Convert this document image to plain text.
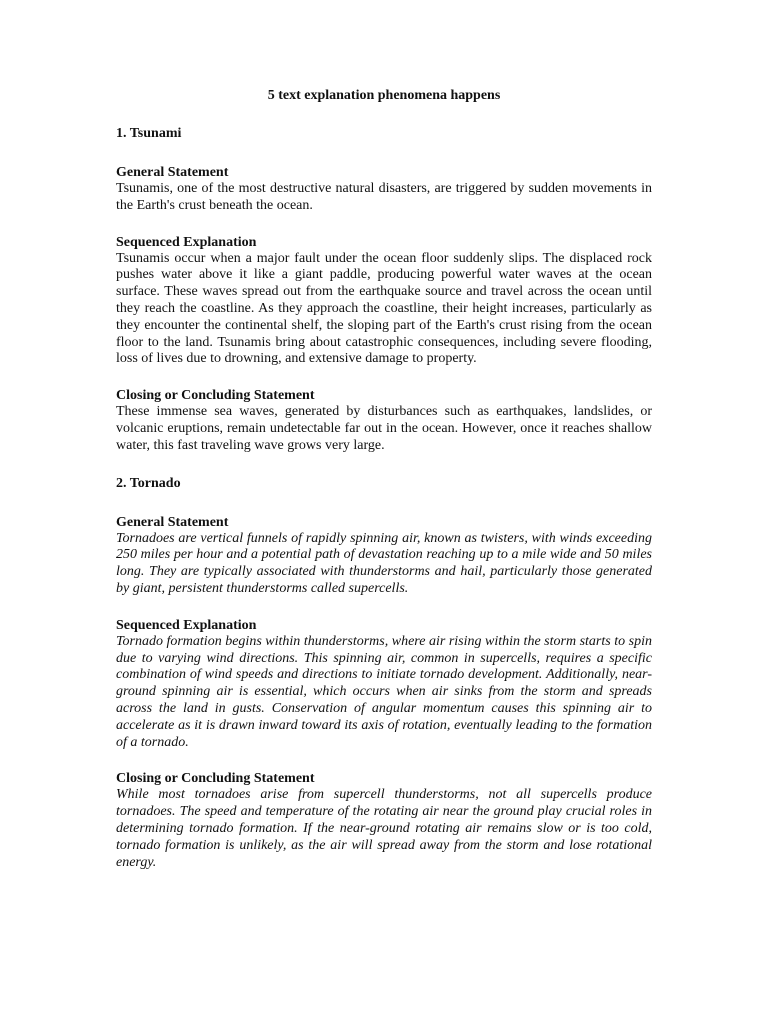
5 text explanation phenomena happens
1. Tsunami
General Statement

Tsunamis, one of the most destructive natural disasters, are triggered by sudden movements in the Earth's crust beneath the ocean.

Sequenced Explanation

Tsunamis occur when a major fault under the ocean floor suddenly slips. The displaced rock pushes water above it like a giant paddle, producing powerful water waves at the ocean surface. These waves spread out from the earthquake source and travel across the ocean until they reach the coastline. As they approach the coastline, their height increases, particularly as they encounter the continental shelf, the sloping part of the Earth's crust rising from the ocean floor to the land. Tsunamis bring about catastrophic consequences, including severe flooding, loss of lives due to drowning, and extensive damage to property.

Closing or Concluding Statement

These immense sea waves, generated by disturbances such as earthquakes, landslides, or volcanic eruptions, remain undetectable far out in the ocean. However, once it reaches shallow water, this fast traveling wave grows very large.

2. Tornado
General Statement

Tornadoes are vertical funnels of rapidly spinning air, known as twisters, with winds exceeding 250 miles per hour and a potential path of devastation reaching up to a mile wide and 50 miles long. They are typically associated with thunderstorms and hail, particularly those generated by giant, persistent thunderstorms called supercells.

Sequenced Explanation

Tornado formation begins within thunderstorms, where air rising within the storm starts to spin due to varying wind directions. This spinning air, common in supercells, requires a specific combination of wind speeds and directions to initiate tornado development. Additionally, near-ground spinning air is essential, which occurs when air sinks from the storm and spreads across the land in gusts. Conservation of angular momentum causes this spinning air to accelerate as it is drawn inward toward its axis of rotation, eventually leading to the formation of a tornado.

Closing or Concluding Statement

While most tornadoes arise from supercell thunderstorms, not all supercells produce tornadoes. The speed and temperature of the rotating air near the ground play crucial roles in determining tornado formation. If the near-ground rotating air remains slow or is too cold, tornado formation is unlikely, as the air will spread away from the storm and lose rotational energy.
